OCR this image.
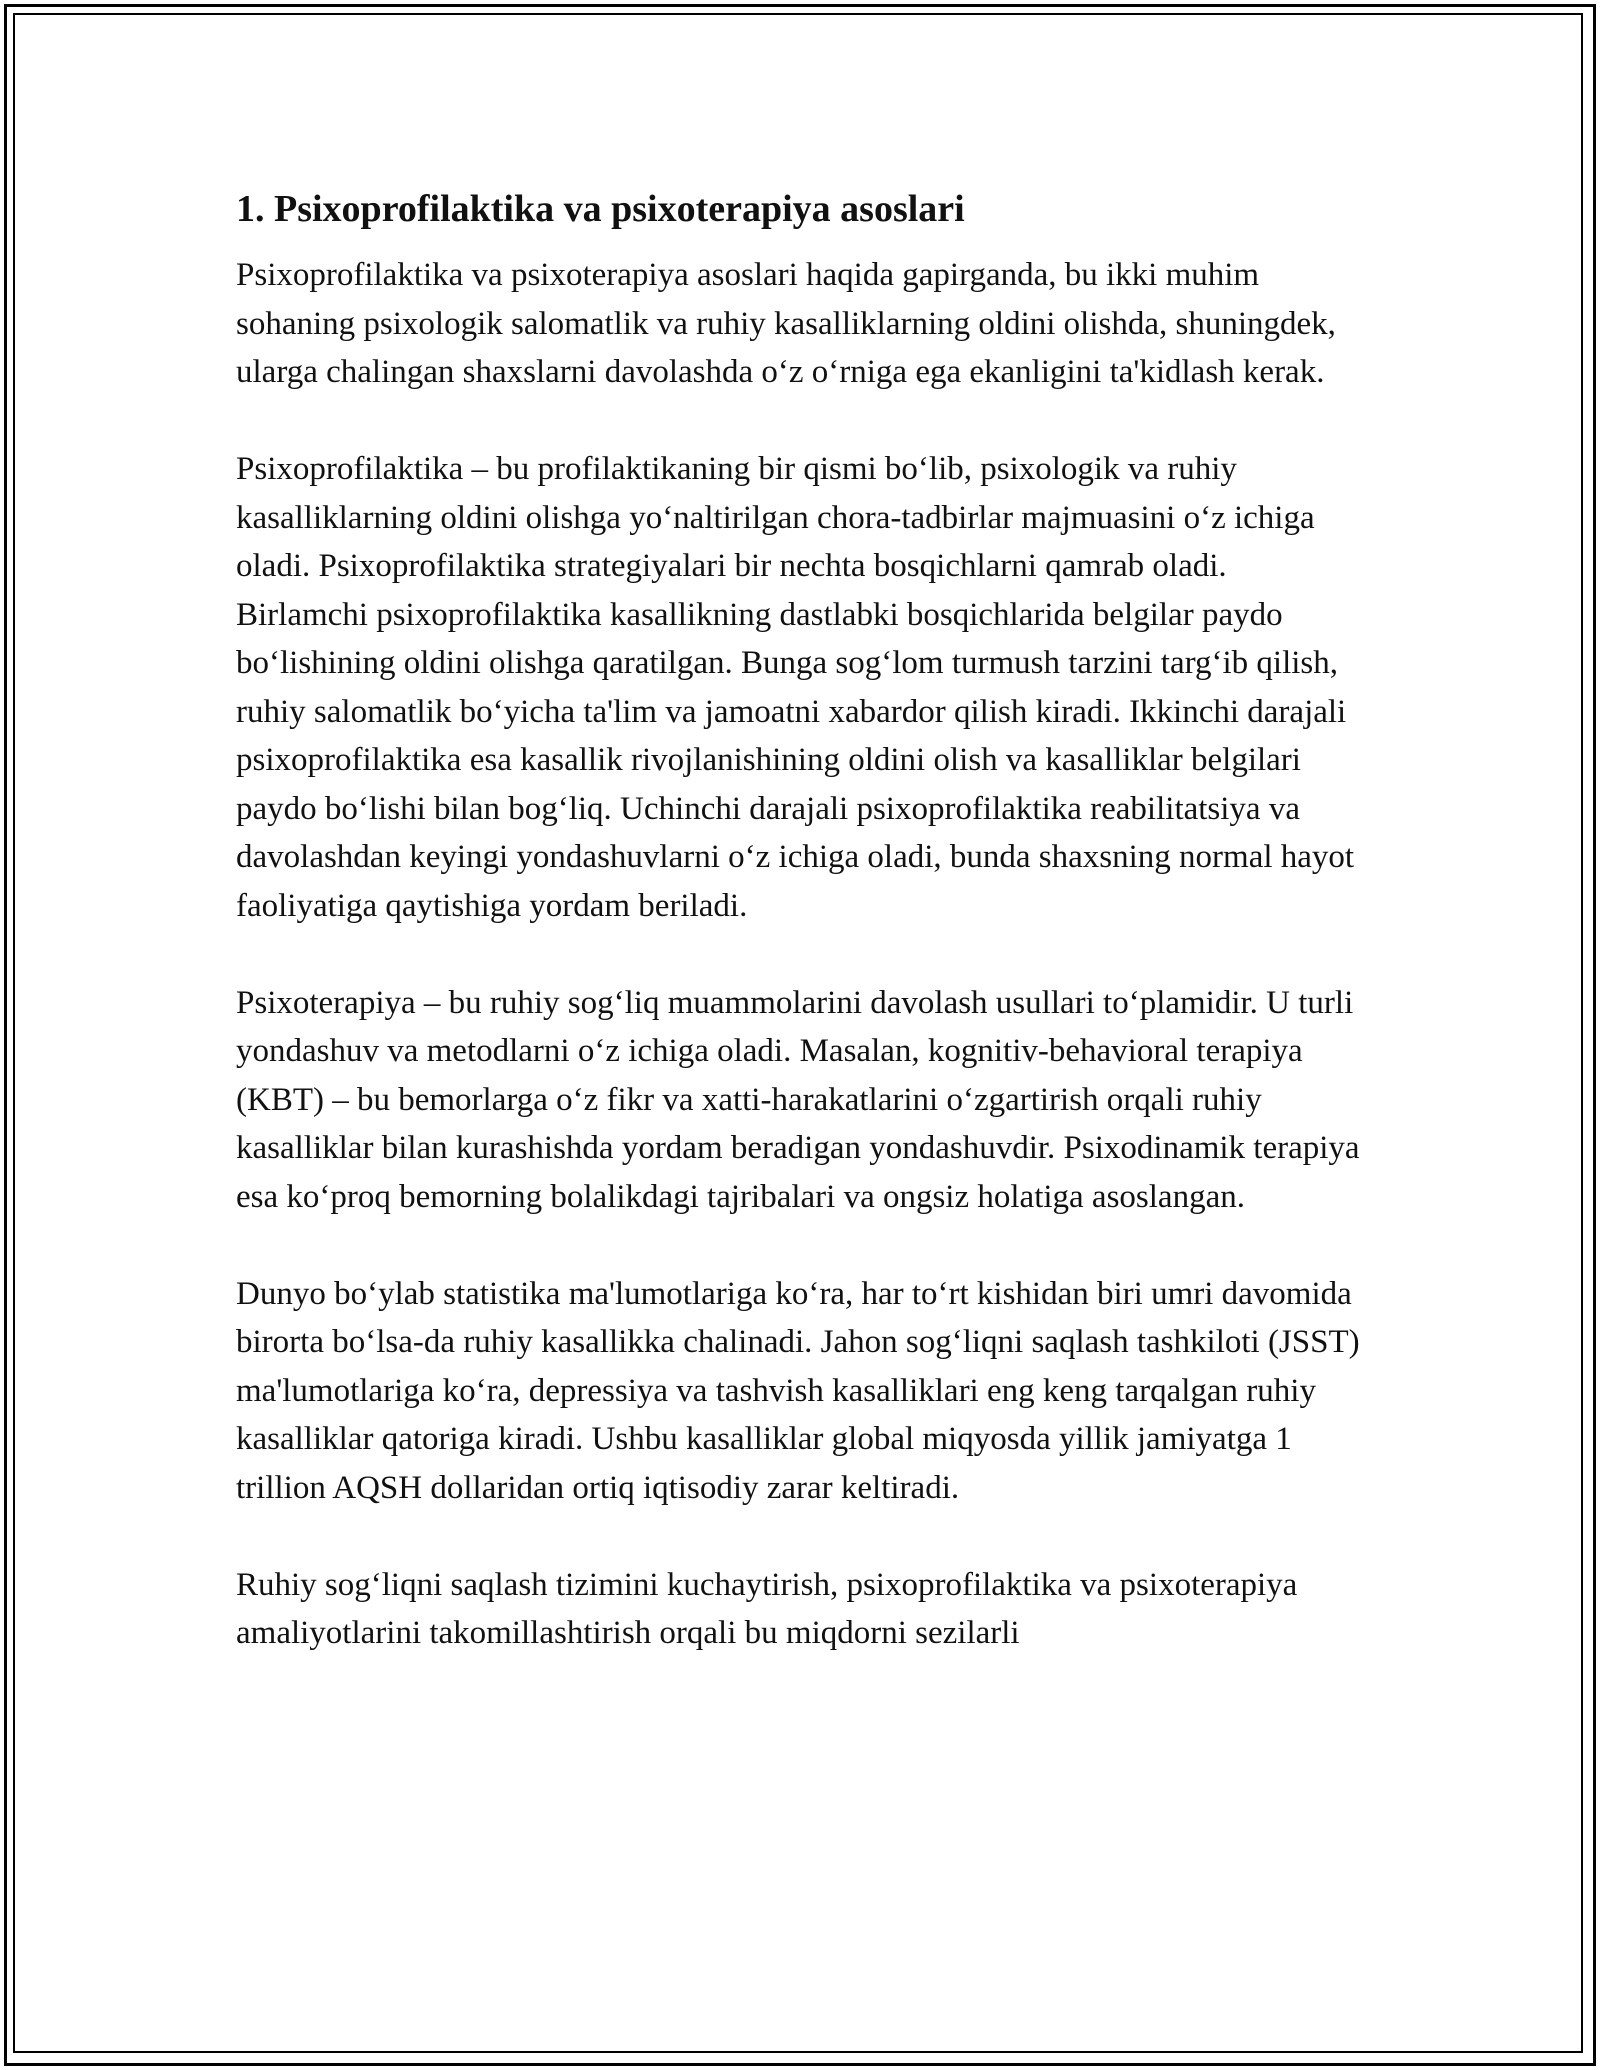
1. Psixoprofilaktika va psixoterapiya asoslari

Psixoprofilaktika va psixoterapiya asoslari haqida gapirganda, bu ikki muhim sohaning psixologik salomatlik va ruhiy kasalliklarning oldini olishda, shuningdek, ularga chalingan shaxslarni davolashda o‘z o‘rniga ega ekanligini ta'kidlash kerak.

Psixoprofilaktika – bu profilaktikaning bir qismi bo‘lib, psixologik va ruhiy kasalliklarning oldini olishga yo‘naltirilgan chora-tadbirlar majmuasini o‘z ichiga oladi. Psixoprofilaktika strategiyalari bir nechta bosqichlarni qamrab oladi. Birlamchi psixoprofilaktika kasallikning dastlabki bosqichlarida belgilar paydo bo‘lishining oldini olishga qaratilgan. Bunga sog‘lom turmush tarzini targ‘ib qilish, ruhiy salomatlik bo‘yicha ta'lim va jamoatni xabardor qilish kiradi. Ikkinchi darajali psixoprofilaktika esa kasallik rivojlanishining oldini olish va kasalliklar belgilari paydo bo‘lishi bilan bog‘liq. Uchinchi darajali psixoprofilaktika reabilitatsiya va davolashdan keyingi yondashuvlarni o‘z ichiga oladi, bunda shaxsning normal hayot faoliyatiga qaytishiga yordam beriladi.

Psixoterapiya – bu ruhiy sog‘liq muammolarini davolash usullari to‘plamidir. U turli yondashuv va metodlarni o‘z ichiga oladi. Masalan, kognitiv-behavioral terapiya (KBT) – bu bemorlarga o‘z fikr va xatti-harakatlarini o‘zgartirish orqali ruhiy kasalliklar bilan kurashishda yordam beradigan yondashuvdir. Psixodinamik terapiya esa ko‘proq bemorning bolalikdagi tajribalari va ongsiz holatiga asoslangan.

Dunyo bo‘ylab statistika ma'lumotlariga ko‘ra, har to‘rt kishidan biri umri davomida birorta bo‘lsa-da ruhiy kasallikka chalinadi. Jahon sog‘liqni saqlash tashkiloti (JSST) ma'lumotlariga ko‘ra, depressiya va tashvish kasalliklari eng keng tarqalgan ruhiy kasalliklar qatoriga kiradi. Ushbu kasalliklar global miqyosda yillik jamiyatga 1 trillion AQSH dollaridan ortiq iqtisodiy zarar keltiradi.

Ruhiy sog‘liqni saqlash tizimini kuchaytirish, psixoprofilaktika va psixoterapiya amaliyotlarini takomillashtirish orqali bu miqdorni sezilarli
